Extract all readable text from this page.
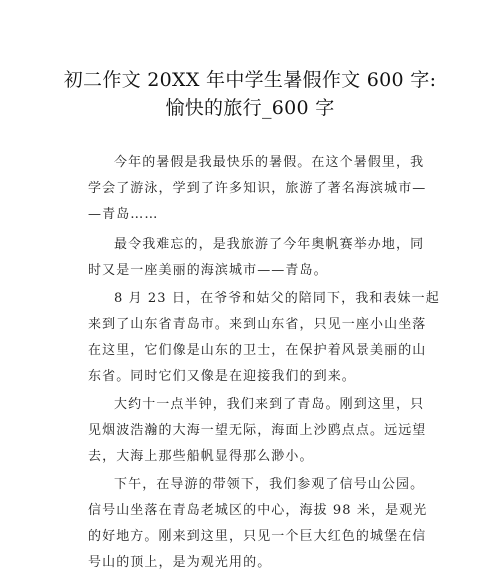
初二作文 20XX 年中学生暑假作文 600 字:
愉快的旅行_600 字
今年的暑假是我最快乐的暑假。在这个暑假里，我
学会了游泳，学到了许多知识，旅游了著名海滨城市—
—青岛……
最令我难忘的，是我旅游了今年奥帆赛举办地，同
时又是一座美丽的海滨城市——青岛。
8 月 23 日，在爷爷和姑父的陪同下，我和表妹一起
来到了山东省青岛市。来到山东省，只见一座小山坐落
在这里，它们像是山东的卫士，在保护着风景美丽的山
东省。同时它们又像是在迎接我们的到来。
大约十一点半钟，我们来到了青岛。刚到这里，只
见烟波浩瀚的大海一望无际，海面上沙鸥点点。远远望
去，大海上那些船帆显得那么渺小。
下午，在导游的带领下，我们参观了信号山公园。
信号山坐落在青岛老城区的中心，海拔 98 米，是观光
的好地方。刚来到这里，只见一个巨大红色的城堡在信
号山的顶上，是为观光用的。
